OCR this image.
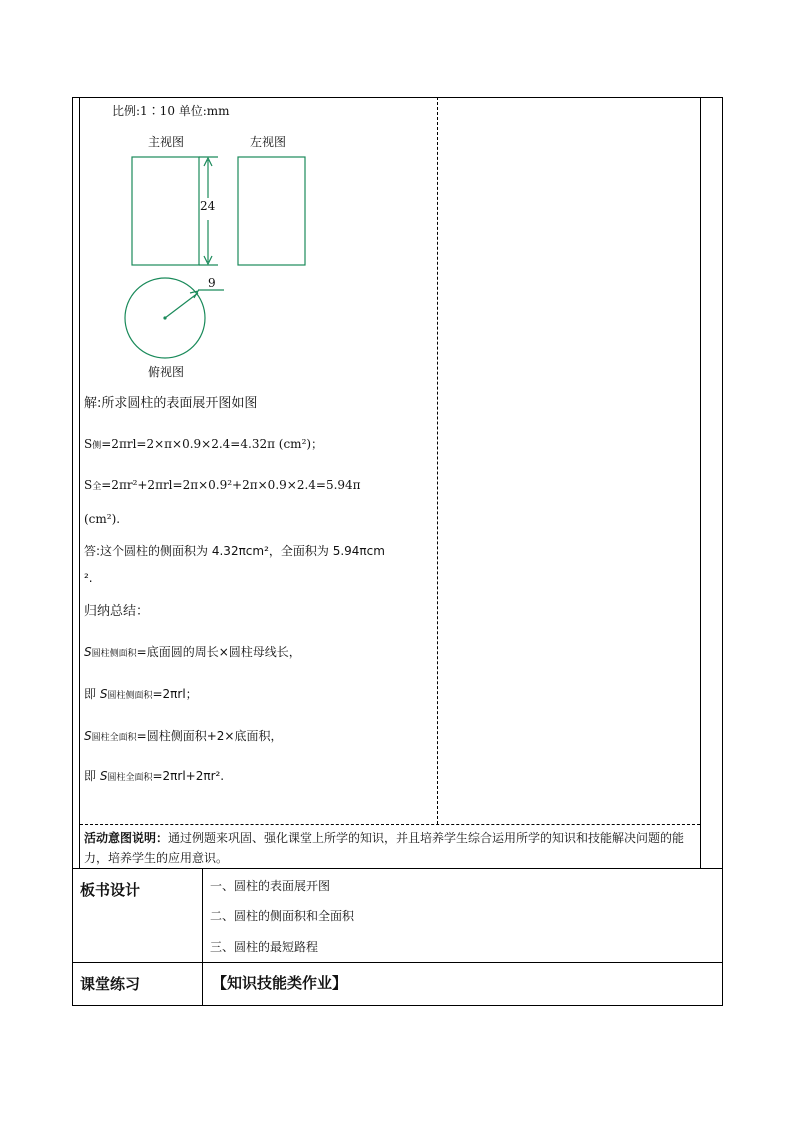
比例:1∶10 单位:mm
主视图	左视图
24
9
俯视图
解:所求圆柱的表面展开图如图
S侧=2πrl=2×π×0.9×2.4=4.32π (cm²)；
S全=2πr²+2πrl=2π×0.9²+2π×0.9×2.4=5.94π
(cm²).
答:这个圆柱的侧面积为 4.32πcm²，全面积为 5.94πcm
².
归纳总结：
S圆柱侧面积=底面圆的周长×圆柱母线长，
即 S圆柱侧面积=2πrl；
S圆柱全面积=圆柱侧面积+2×底面积，
即 S圆柱全面积=2πrl+2πr².
活动意图说明：通过例题来巩固、强化课堂上所学的知识，并且培养学生综合运用所学的知识和技能解决问题的能力，培养学生的应用意识。
板书设计	一、圆柱的表面展开图
二、圆柱的侧面积和全面积
三、圆柱的最短路程
课堂练习	【知识技能类作业】
